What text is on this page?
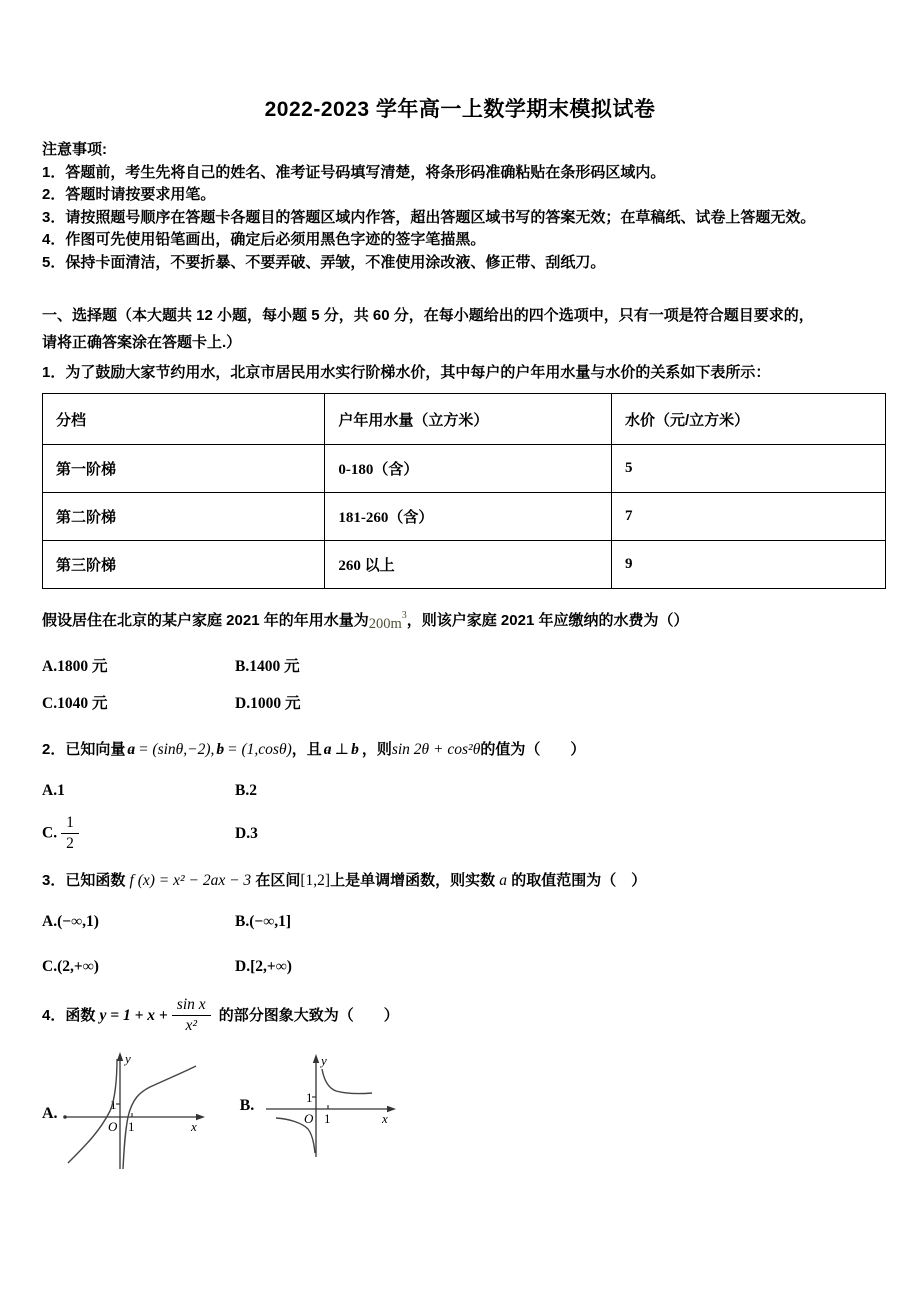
2022-2023 学年高一上数学期末模拟试卷
注意事项:
1．答题前，考生先将自己的姓名、准考证号码填写清楚，将条形码准确粘贴在条形码区域内。
2．答题时请按要求用笔。
3．请按照题号顺序在答题卡各题目的答题区域内作答，超出答题区域书写的答案无效；在草稿纸、试卷上答题无效。
4．作图可先使用铅笔画出，确定后必须用黑色字迹的签字笔描黑。
5．保持卡面清洁，不要折暴、不要弄破、弄皱，不准使用涂改液、修正带、刮纸刀。
一、选择题（本大题共 12 小题，每小题 5 分，共 60 分，在每小题给出的四个选项中，只有一项是符合题目要求的，
请将正确答案涂在答题卡上.）
1．为了鼓励大家节约用水，北京市居民用水实行阶梯水价，其中每户的户年用水量与水价的关系如下表所示：
分档	户年用水量（立方米）	水价（元/立方米）
第一阶梯	0-180（含）	5
第二阶梯	181-260（含）	7
第三阶梯	260 以上	9
假设居住在北京的某户家庭 2021 年的年用水量为$200m^3$，则该户家庭 2021 年应缴纳的水费为（）
A.1800 元	B.1400 元
C.1040 元	D.1000 元
2．已知向量 a → = (sinθ,−2), b → = (1,cosθ)，且 a → ⊥ b → ，则sin 2θ + cos²θ的值为（　　）
A.1	B.2
C. $\frac{1}{2}$	D.3
3．已知函数 f (x) = x² − 2ax − 3 在区间[1,2]上是单调增函数，则实数 a 的取值范围为（　）
A.(−∞,1)	B.(−∞,1]
C.(2,+∞)	D.[2,+∞)
4．函数
$y = 1 + x + \frac{\text{sin x}}{\text{x²}}$
的部分图象大致为（　　）
A.
y
x
O 1
1	B.
y
x
O 1
1
